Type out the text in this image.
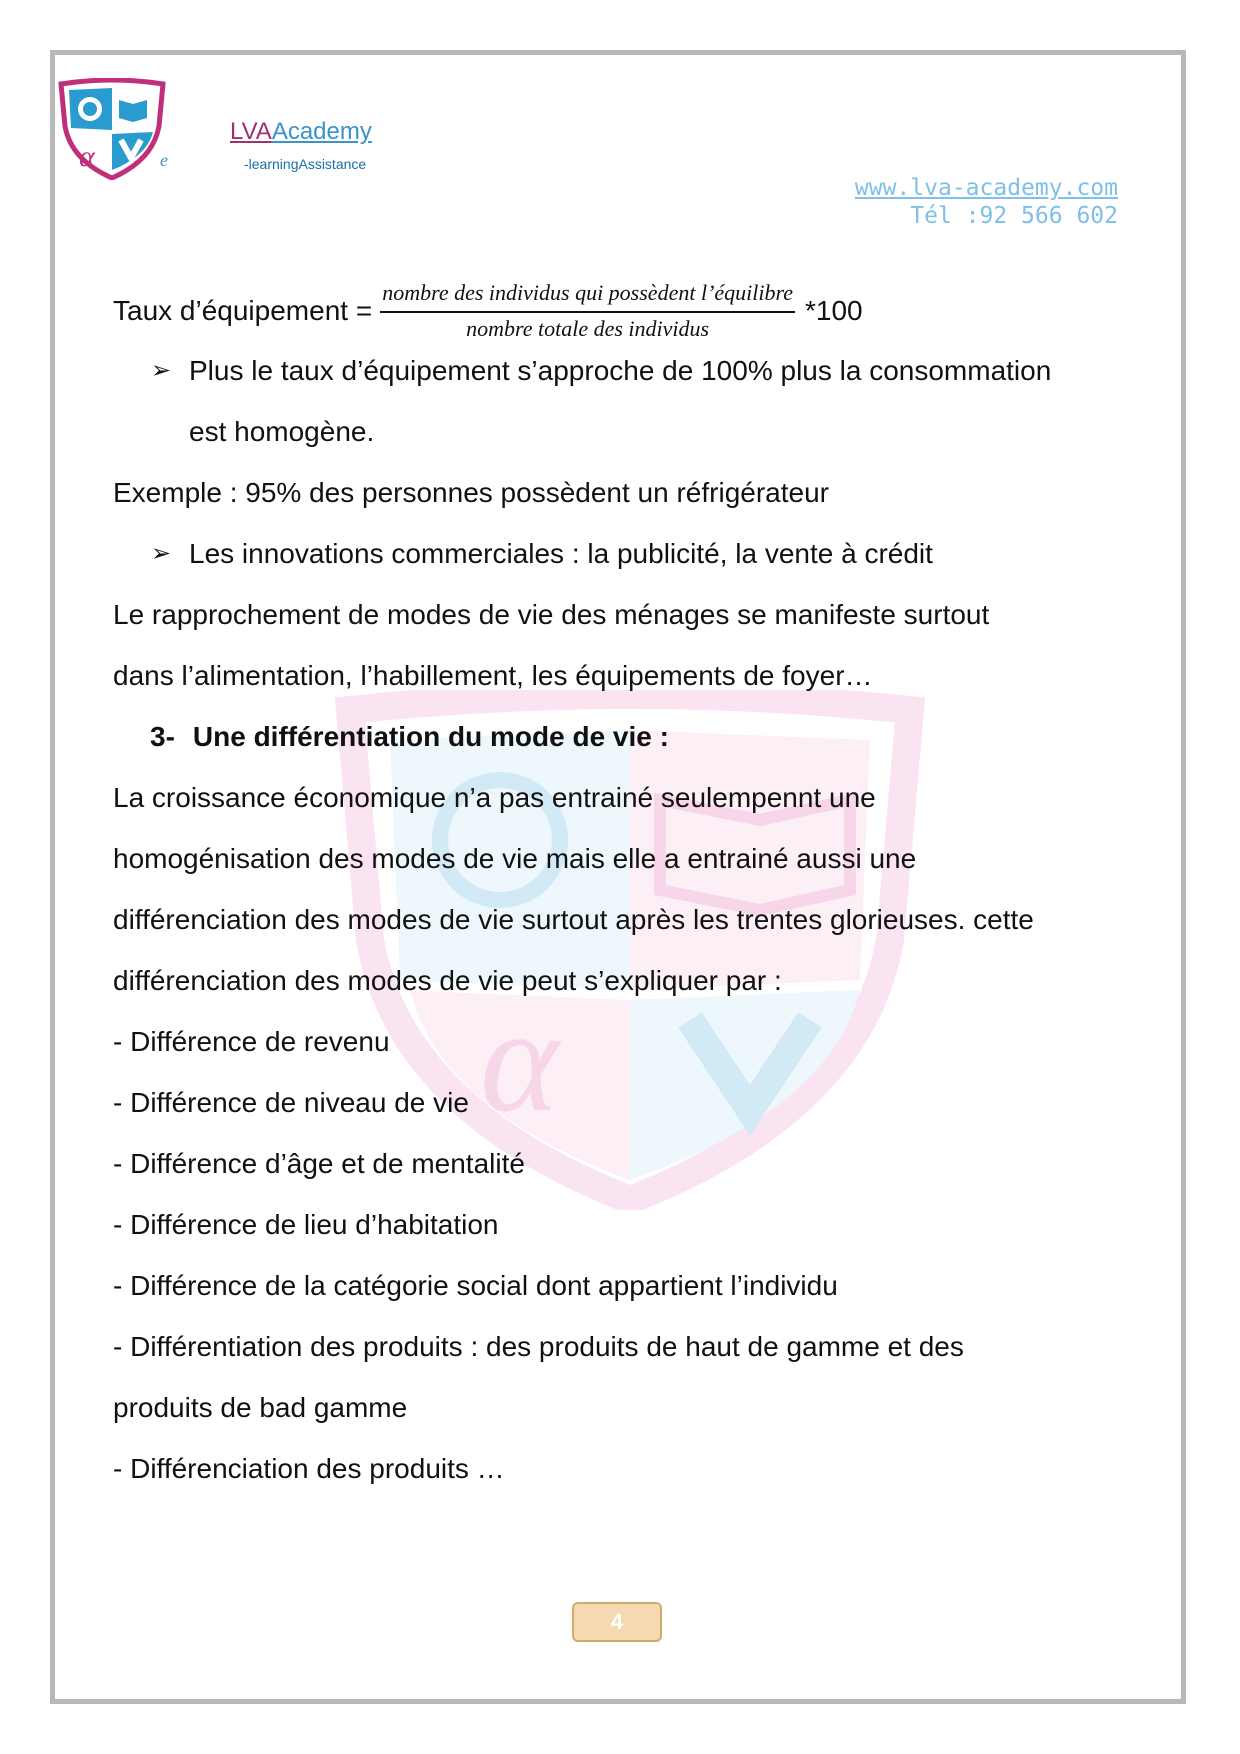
α
α
LVAAcademy
e	-learningAssistance
www.lva-academy.com
Tél :92 566 602
Taux d’équipement = $\frac{\text{nombre des individus qui possèdent l’équilibre}}{\text{nombre totale des individus}} *100$
➢ Plus le taux d’équipement s’approche de 100% plus la consommation
est homogène.
Exemple : 95% des personnes possèdent un réfrigérateur
➢ Les innovations commerciales : la publicité, la vente à crédit
Le rapprochement de modes de vie des ménages se manifeste surtout
dans l’alimentation, l’habillement, les équipements de foyer…
3- Une différentiation du mode de vie :
La croissance économique n’a pas entrainé seulempennt une
homogénisation des modes de vie mais elle a entrainé aussi une
différenciation des modes de vie surtout après les trentes glorieuses. cette
différenciation des modes de vie peut s’expliquer par :
- Différence de revenu
- Différence de niveau de vie
- Différence d’âge et de mentalité
- Différence de lieu d’habitation
- Différence de la catégorie social dont appartient l’individu
- Différentiation des produits : des produits de haut de gamme et des
produits de bad gamme
- Différenciation des produits …
4
